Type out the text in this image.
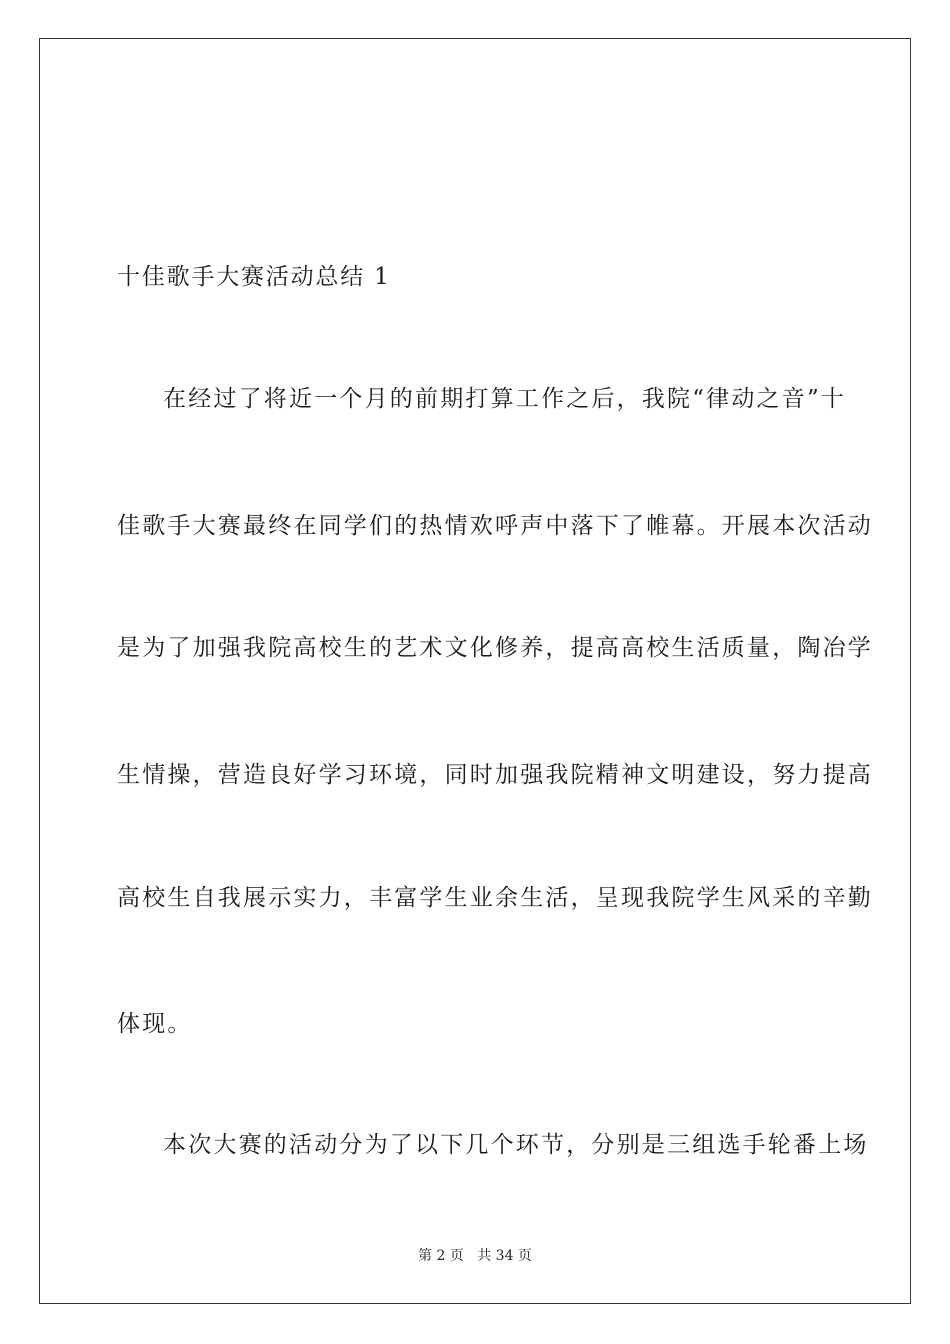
十佳歌手大赛活动总结 1
在经过了将近一个月的前期打算工作之后，我院“律动之音”十
佳歌手大赛最终在同学们的热情欢呼声中落下了帷幕。开展本次活动
是为了加强我院高校生的艺术文化修养，提高高校生活质量，陶冶学
生情操，营造良好学习环境，同时加强我院精神文明建设，努力提高
高校生自我展示实力，丰富学生业余生活，呈现我院学生风采的辛勤
体现。
本次大赛的活动分为了以下几个环节，分别是三组选手轮番上场
第 2 页 共 34 页
